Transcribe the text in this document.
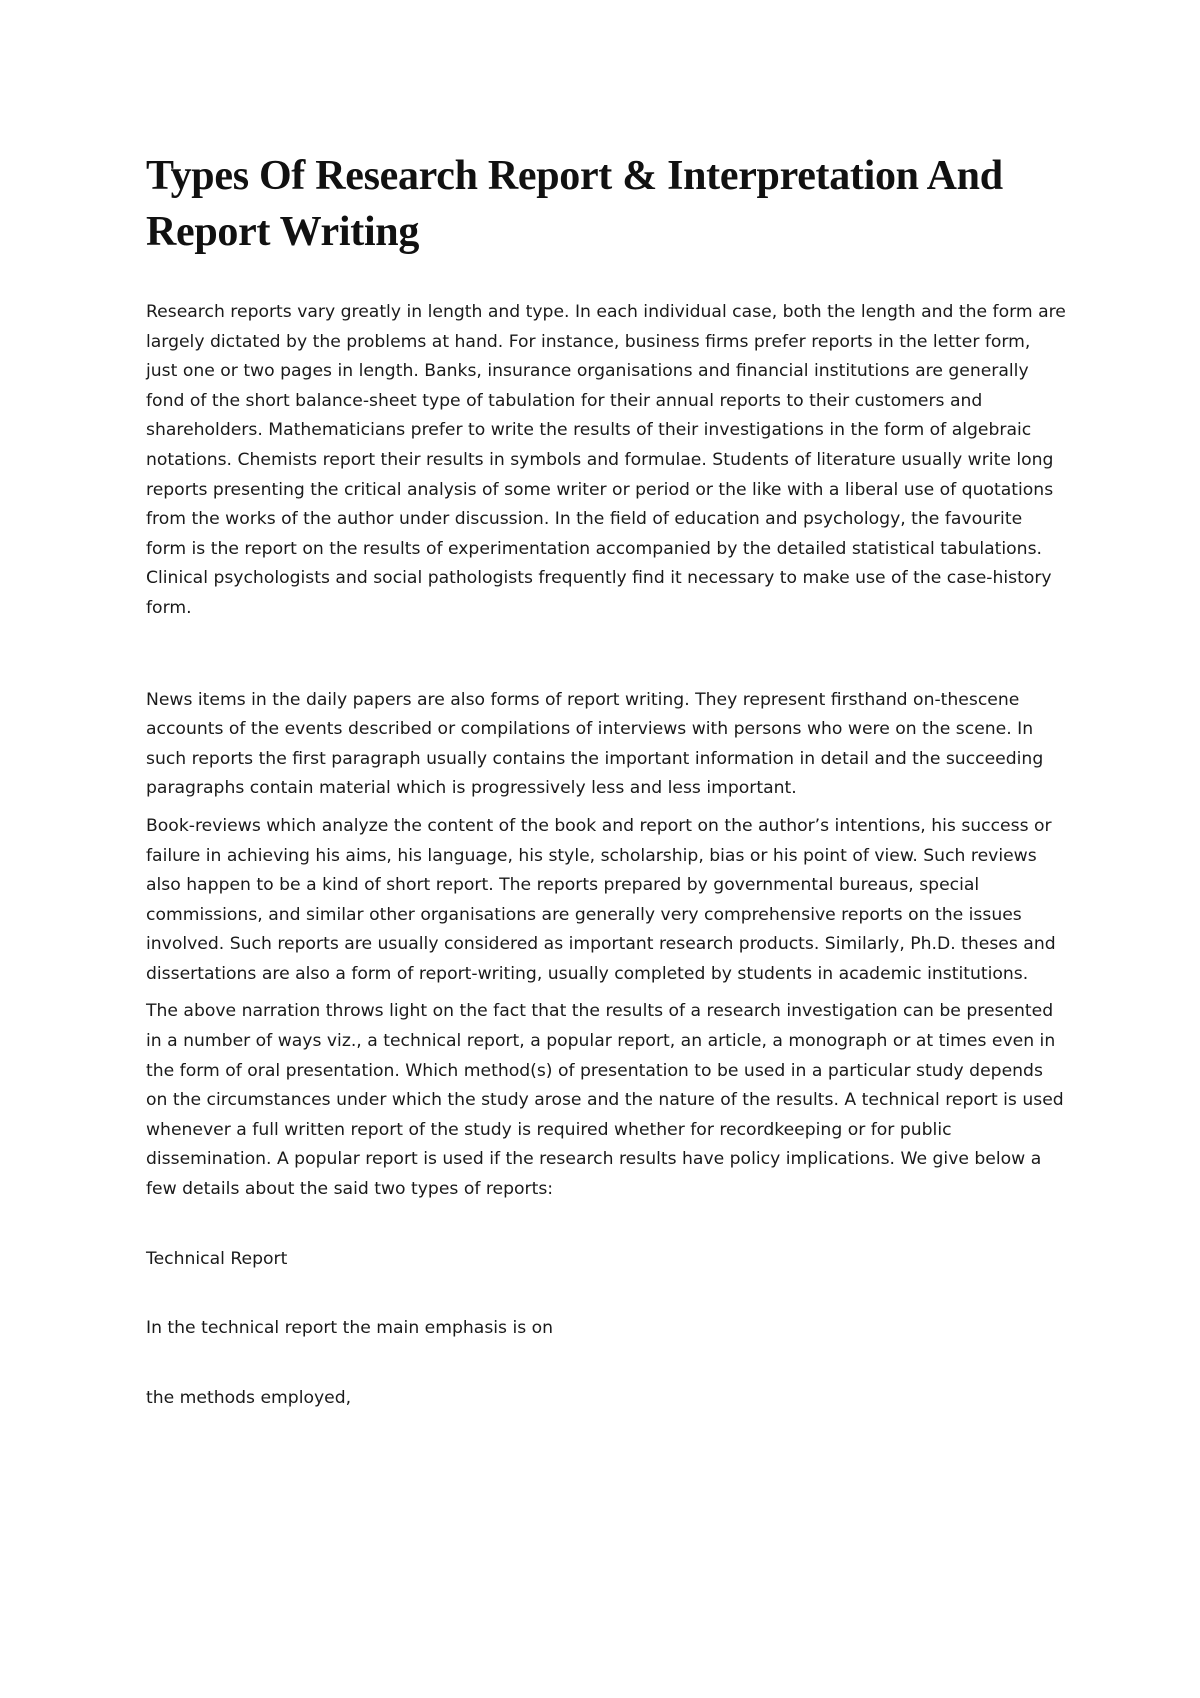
Types Of Research Report & Interpretation And Report Writing

Research reports vary greatly in length and type. In each individual case, both the length and the form are largely dictated by the problems at hand. For instance, business firms prefer reports in the letter form, just one or two pages in length. Banks, insurance organisations and financial institutions are generally fond of the short balance-sheet type of tabulation for their annual reports to their customers and shareholders. Mathematicians prefer to write the results of their investigations in the form of algebraic notations. Chemists report their results in symbols and formulae. Students of literature usually write long reports presenting the critical analysis of some writer or period or the like with a liberal use of quotations from the works of the author under discussion. In the field of education and psychology, the favourite form is the report on the results of experimentation accompanied by the detailed statistical tabulations. Clinical psychologists and social pathologists frequently find it necessary to make use of the case-history form.

News items in the daily papers are also forms of report writing. They represent firsthand on-thescene accounts of the events described or compilations of interviews with persons who were on the scene. In such reports the first paragraph usually contains the important information in detail and the succeeding paragraphs contain material which is progressively less and less important.

Book-reviews which analyze the content of the book and report on the author’s intentions, his success or failure in achieving his aims, his language, his style, scholarship, bias or his point of view. Such reviews also happen to be a kind of short report. The reports prepared by governmental bureaus, special commissions, and similar other organisations are generally very comprehensive reports on the issues involved. Such reports are usually considered as important research products. Similarly, Ph.D. theses and dissertations are also a form of report-writing, usually completed by students in academic institutions.

The above narration throws light on the fact that the results of a research investigation can be presented in a number of ways viz., a technical report, a popular report, an article, a monograph or at times even in the form of oral presentation. Which method(s) of presentation to be used in a particular study depends on the circumstances under which the study arose and the nature of the results. A technical report is used whenever a full written report of the study is required whether for recordkeeping or for public dissemination. A popular report is used if the research results have policy implications. We give below a few details about the said two types of reports:

Technical Report

In the technical report the main emphasis is on

the methods employed,
